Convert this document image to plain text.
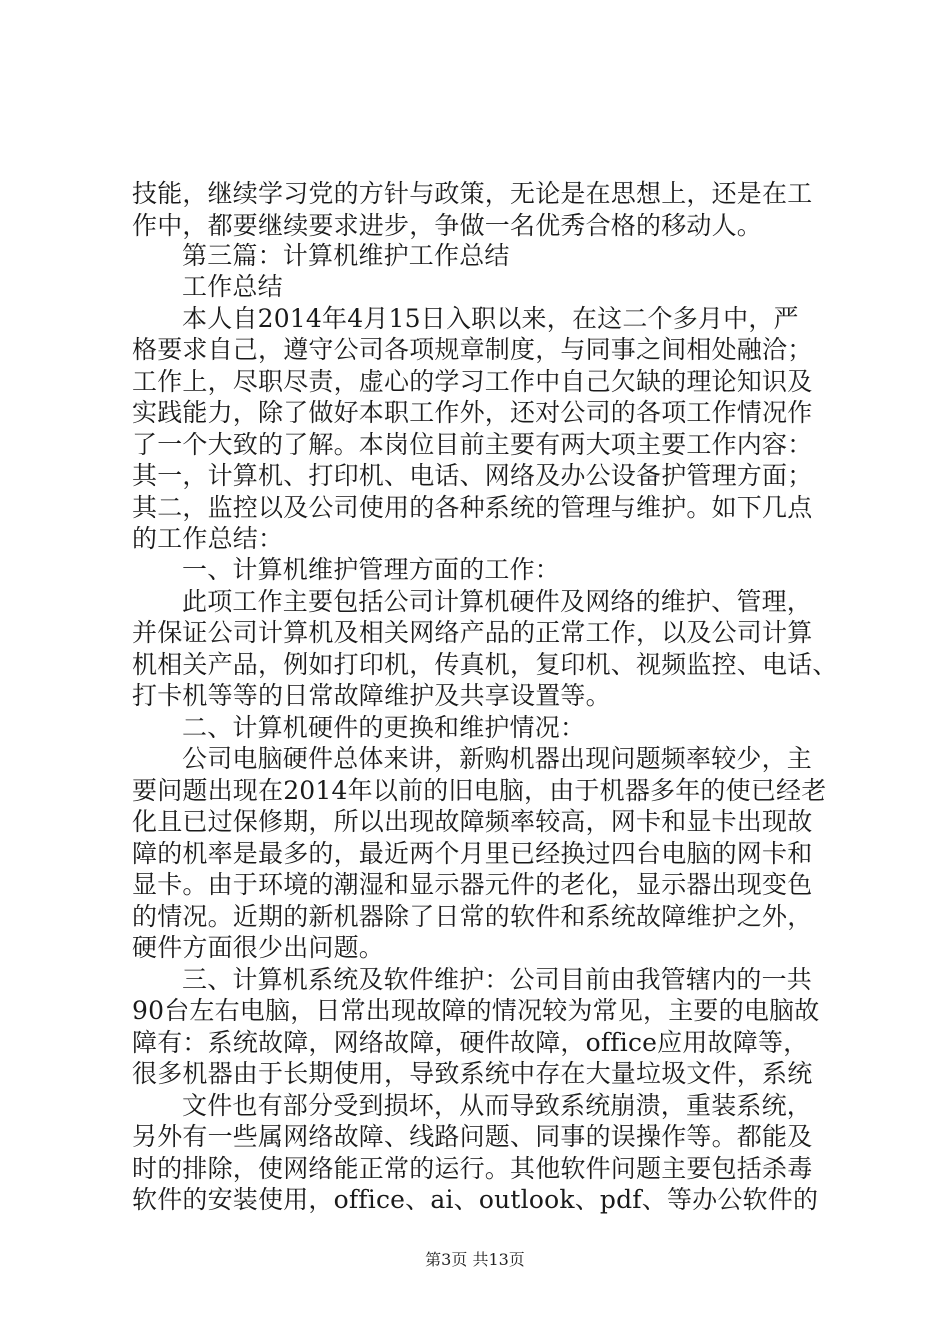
技能，继续学习党的方针与政策，无论是在思想上，还是在工
作中，都要继续要求进步，争做一名优秀合格的移动人。
第三篇：计算机维护工作总结
工作总结
本人自2014年4月15日入职以来，在这二个多月中，严
格要求自己，遵守公司各项规章制度，与同事之间相处融洽；
工作上，尽职尽责，虚心的学习工作中自己欠缺的理论知识及
实践能力，除了做好本职工作外，还对公司的各项工作情况作
了一个大致的了解。本岗位目前主要有两大项主要工作内容：
其一，计算机、打印机、电话、网络及办公设备护管理方面；
其二，监控以及公司使用的各种系统的管理与维护。如下几点
的工作总结：
一、计算机维护管理方面的工作：
此项工作主要包括公司计算机硬件及网络的维护、管理，
并保证公司计算机及相关网络产品的正常工作，以及公司计算
机相关产品，例如打印机，传真机，复印机、视频监控、电话、
打卡机等等的日常故障维护及共享设置等。
二、计算机硬件的更换和维护情况：
公司电脑硬件总体来讲，新购机器出现问题频率较少，主
要问题出现在2014年以前的旧电脑，由于机器多年的使已经老
化且已过保修期，所以出现故障频率较高，网卡和显卡出现故
障的机率是最多的，最近两个月里已经换过四台电脑的网卡和
显卡。由于环境的潮湿和显示器元件的老化，显示器出现变色
的情况。近期的新机器除了日常的软件和系统故障维护之外，
硬件方面很少出问题。
三、计算机系统及软件维护：公司目前由我管辖内的一共
90台左右电脑，日常出现故障的情况较为常见，主要的电脑故
障有：系统故障，网络故障，硬件故障，office应用故障等，
很多机器由于长期使用，导致系统中存在大量垃圾文件，系统
文件也有部分受到损坏，从而导致系统崩溃，重装系统，
另外有一些属网络故障、线路问题、同事的误操作等。都能及
时的排除，使网络能正常的运行。其他软件问题主要包括杀毒
软件的安装使用，office、ai、outlook、pdf、等办公软件的
第3页 共13页
